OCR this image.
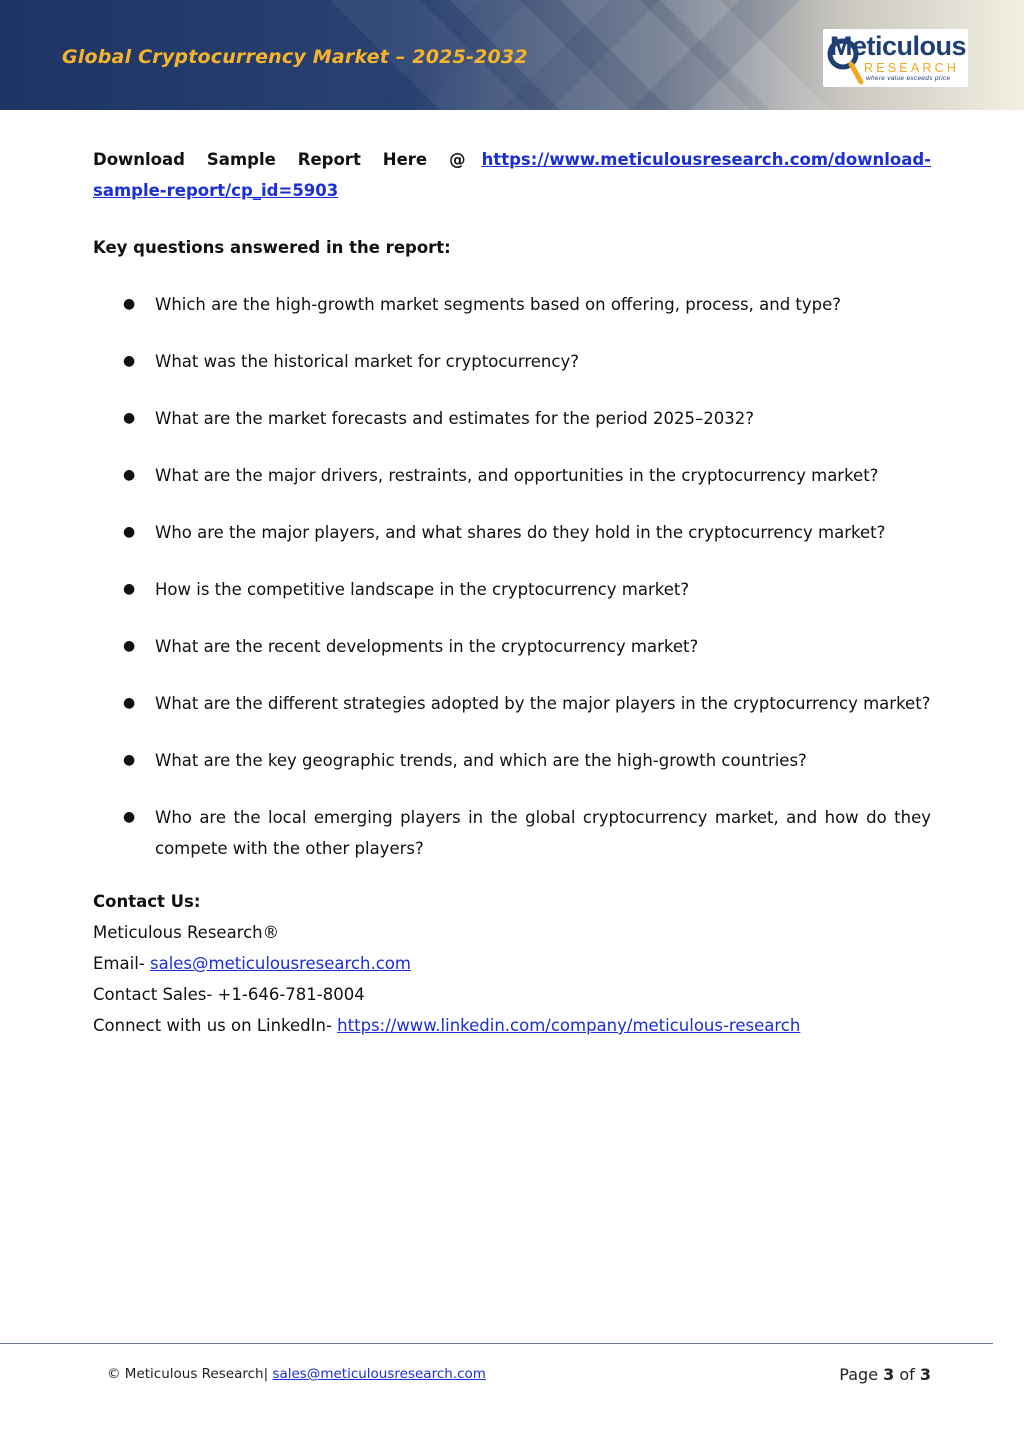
Global Cryptocurrency Market – 2025-2032	Meticulous
RESEARCH
where value exceeds price

Download Sample Report Here @ https://www.meticulousresearch.com/download-sample-report/cp_id=5903

Key questions answered in the report:

● Which are the high-growth market segments based on offering, process, and type?
● What was the historical market for cryptocurrency?
● What are the market forecasts and estimates for the period 2025–2032?
● What are the major drivers, restraints, and opportunities in the cryptocurrency market?
● Who are the major players, and what shares do they hold in the cryptocurrency market?
● How is the competitive landscape in the cryptocurrency market?
● What are the recent developments in the cryptocurrency market?
● What are the different strategies adopted by the major players in the cryptocurrency market?
● What are the key geographic trends, and which are the high-growth countries?
● Who are the local emerging players in the global cryptocurrency market, and how do they compete with the other players?
Contact Us:
Meticulous Research®
Email- sales@meticulousresearch.com
Contact Sales- +1-646-781-8004
Connect with us on LinkedIn- https://www.linkedin.com/company/meticulous-research
© Meticulous Research| sales@meticulousresearch.com	Page 3 of 3
